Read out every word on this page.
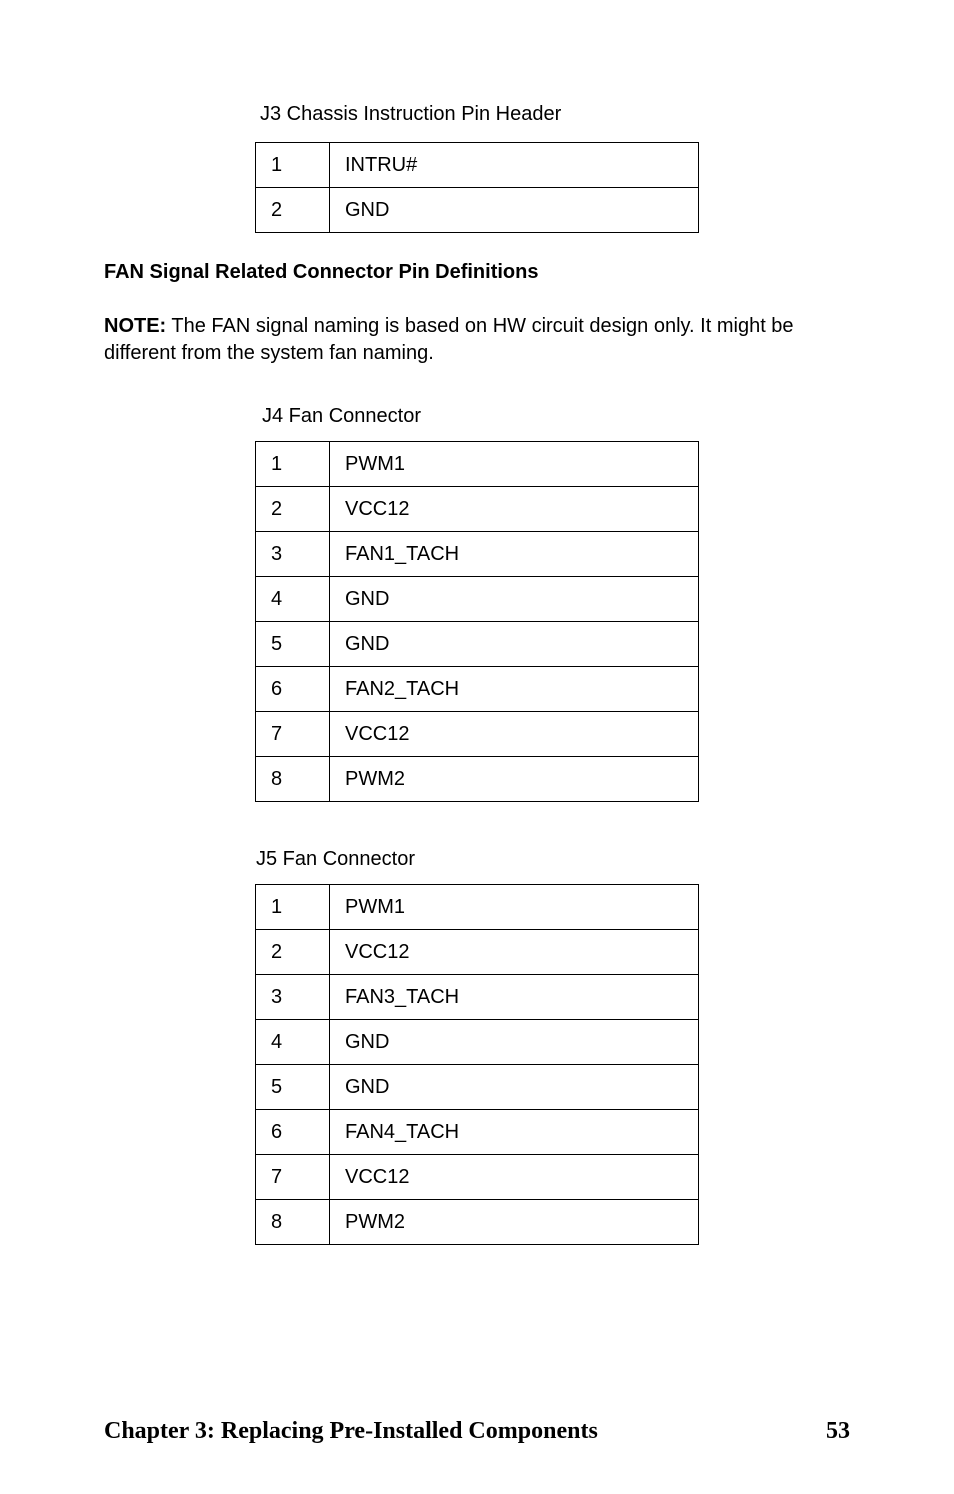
J3 Chassis Instruction Pin Header

1	INTRU#
2	GND

FAN Signal Related Connector Pin Definitions

NOTE: The FAN signal naming is based on HW circuit design only. It might be different from the system fan naming.

J4 Fan Connector

1	PWM1
2	VCC12
3	FAN1_TACH
4	GND
5	GND
6	FAN2_TACH
7	VCC12
8	PWM2

J5 Fan Connector

1	PWM1
2	VCC12
3	FAN3_TACH
4	GND
5	GND
6	FAN4_TACH
7	VCC12
8	PWM2
Chapter 3: Replacing Pre-Installed Components	53
